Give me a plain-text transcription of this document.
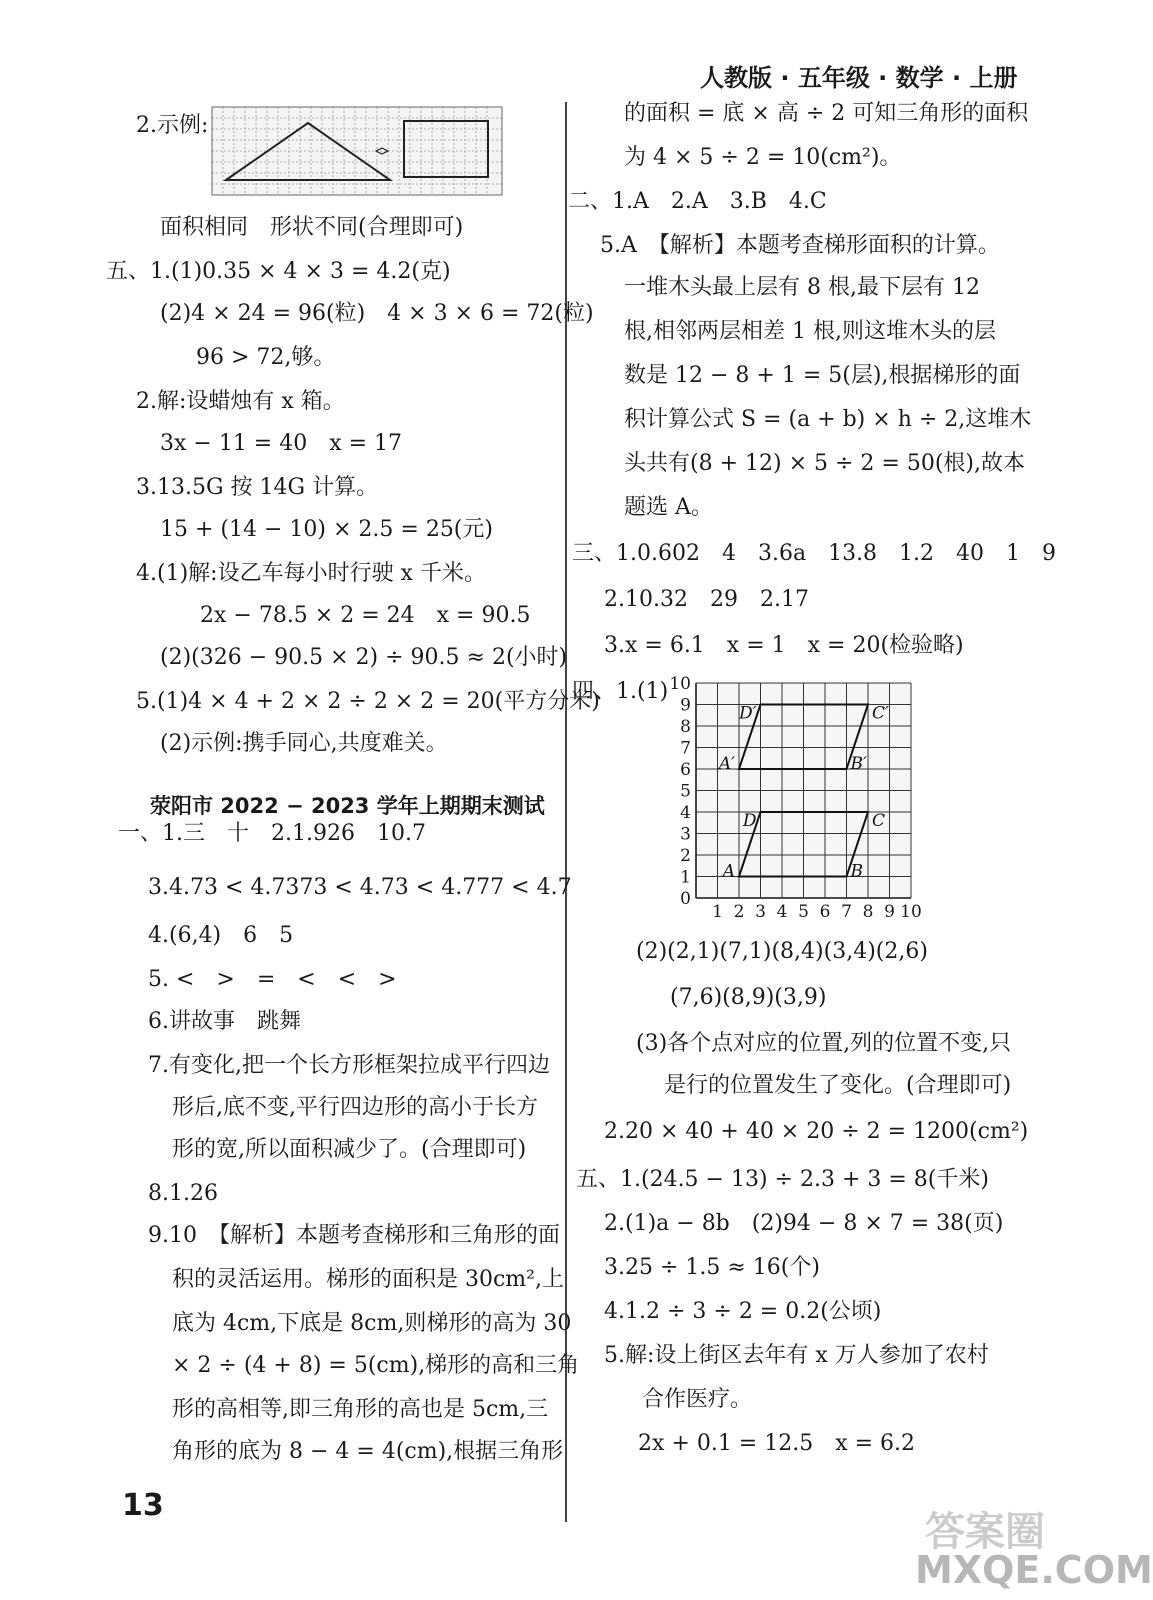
人教版 · 五年级 · 数学 · 上册
2.示例:
面积相同　形状不同(合理即可)
五、1.(1)0.35 × 4 × 3 = 4.2(克)
(2)4 × 24 = 96(粒)　4 × 3 × 6 = 72(粒)
96 > 72,够。
2.解:设蜡烛有 x 箱。
3x − 11 = 40　x = 17
3.13.5G 按 14G 计算。
15 + (14 − 10) × 2.5 = 25(元)
4.(1)解:设乙车每小时行驶 x 千米。
2x − 78.5 × 2 = 24　x = 90.5
(2)(326 − 90.5 × 2) ÷ 90.5 ≈ 2(小时)
5.(1)4 × 4 + 2 × 2 ÷ 2 × 2 = 20(平方分米)
(2)示例:携手同心,共度难关。
荥阳市 2022 − 2023 学年上期期末测试
一、1.三　十　2.1.926　10.7
3.4.73 < 4.7373 < 4.73 < 4.777 < 4.7
4.(6,4)　6　5
5. <　>　=　<　<　>
6.讲故事　跳舞
7.有变化,把一个长方形框架拉成平行四边
形后,底不变,平行四边形的高小于长方
形的宽,所以面积减少了。(合理即可)
8.1.26
9.10　【解析】本题考查梯形和三角形的面
积的灵活运用。梯形的面积是 30cm²,上
底为 4cm,下底是 8cm,则梯形的高为 30
× 2 ÷ (4 + 8) = 5(cm),梯形的高和三角
形的高相等,即三角形的高也是 5cm,三
角形的底为 8 − 4 = 4(cm),根据三角形
13
的面积 = 底 × 高 ÷ 2 可知三角形的面积
为 4 × 5 ÷ 2 = 10(cm²)。
二、1.A　2.A　3.B　4.C
5.A　【解析】本题考查梯形面积的计算。
一堆木头最上层有 8 根,最下层有 12
根,相邻两层相差 1 根,则这堆木头的层
数是 12 − 8 + 1 = 5(层),根据梯形的面
积计算公式 S = (a + b) × h ÷ 2,这堆木
头共有(8 + 12) × 5 ÷ 2 = 50(根),故本
题选 A。
三、1.0.602　4　3.6a　13.8　1.2　40　1　9
2.10.32　29　2.17
3.x = 6.1　x = 1　x = 20(检验略)
四、1.(1)
1 2 3 4 5 6 7 8 9 10
0
1
2
3
4
5
6
7
8
9
10
A	B
C
D
A′	B′
C′
D′
(2)(2,1)(7,1)(8,4)(3,4)(2,6)
(7,6)(8,9)(3,9)
(3)各个点对应的位置,列的位置不变,只
是行的位置发生了变化。(合理即可)
2.20 × 40 + 40 × 20 ÷ 2 = 1200(cm²)
五、1.(24.5 − 13) ÷ 2.3 + 3 = 8(千米)
2.(1)a − 8b　(2)94 − 8 × 7 = 38(页)
3.25 ÷ 1.5 ≈ 16(个)
4.1.2 ÷ 3 ÷ 2 = 0.2(公顷)
5.解:设上街区去年有 x 万人参加了农村
合作医疗。
2x + 0.1 = 12.5　x = 6.2
答案圈
MXQE.COM
